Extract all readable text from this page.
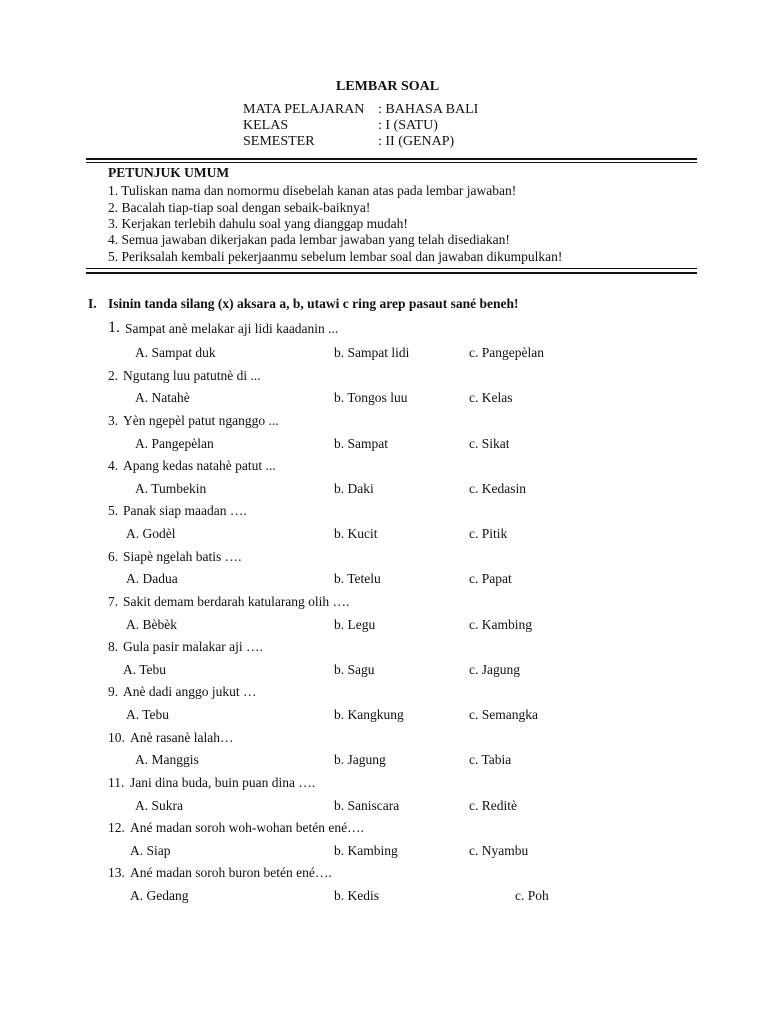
LEMBAR SOAL
MATA PELAJARAN : BAHASA BALI
KELAS	: I (SATU)
SEMESTER	: II (GENAP)
PETUNJUK UMUM
1. Tuliskan nama dan nomormu disebelah kanan atas pada lembar jawaban!
2. Bacalah tiap-tiap soal dengan sebaik-baiknya!
3. Kerjakan terlebih dahulu soal yang dianggap mudah!
4. Semua jawaban dikerjakan pada lembar jawaban yang telah disediakan!
5. Periksalah kembali pekerjaanmu sebelum lembar soal dan jawaban dikumpulkan!
I. Isinin tanda silang (x) aksara a, b, utawi c ring arep pasaut sané beneh!
1. Sampat anè melakar aji lidi kaadanin ...
A. Sampat duk	b. Sampat lidi	c. Pangepèlan
2. Ngutang luu patutnè di ...
A. Natahè	b. Tongos luu	c. Kelas
3. Yèn ngepèl patut nganggo ...
A. Pangepèlan	b. Sampat	c. Sikat
4. Apang kedas natahè patut ...
A. Tumbekin	b. Daki	c. Kedasin
5. Panak siap maadan ….
A. Godèl	b. Kucit	c. Pitik
6. Siapè ngelah batis ….
A. Dadua	b. Tetelu	c. Papat
7. Sakit demam berdarah katularang olih ….
A. Bèbèk	b. Legu	c. Kambing
8. Gula pasir malakar aji ….
A. Tebu	b. Sagu	c. Jagung
9. Anè dadi anggo jukut …
A. Tebu	b. Kangkung	c. Semangka
10. Anè rasanè lalah…
A. Manggis	b. Jagung	c. Tabia
11. Jani dina buda, buin puan dina ….
A. Sukra	b. Saniscara	c. Reditè
12. Ané madan soroh woh-wohan betén ené….
A. Siap	b. Kambing	c. Nyambu
13. Ané madan soroh buron betén ené….
A. Gedang	b. Kedis	c. Poh
